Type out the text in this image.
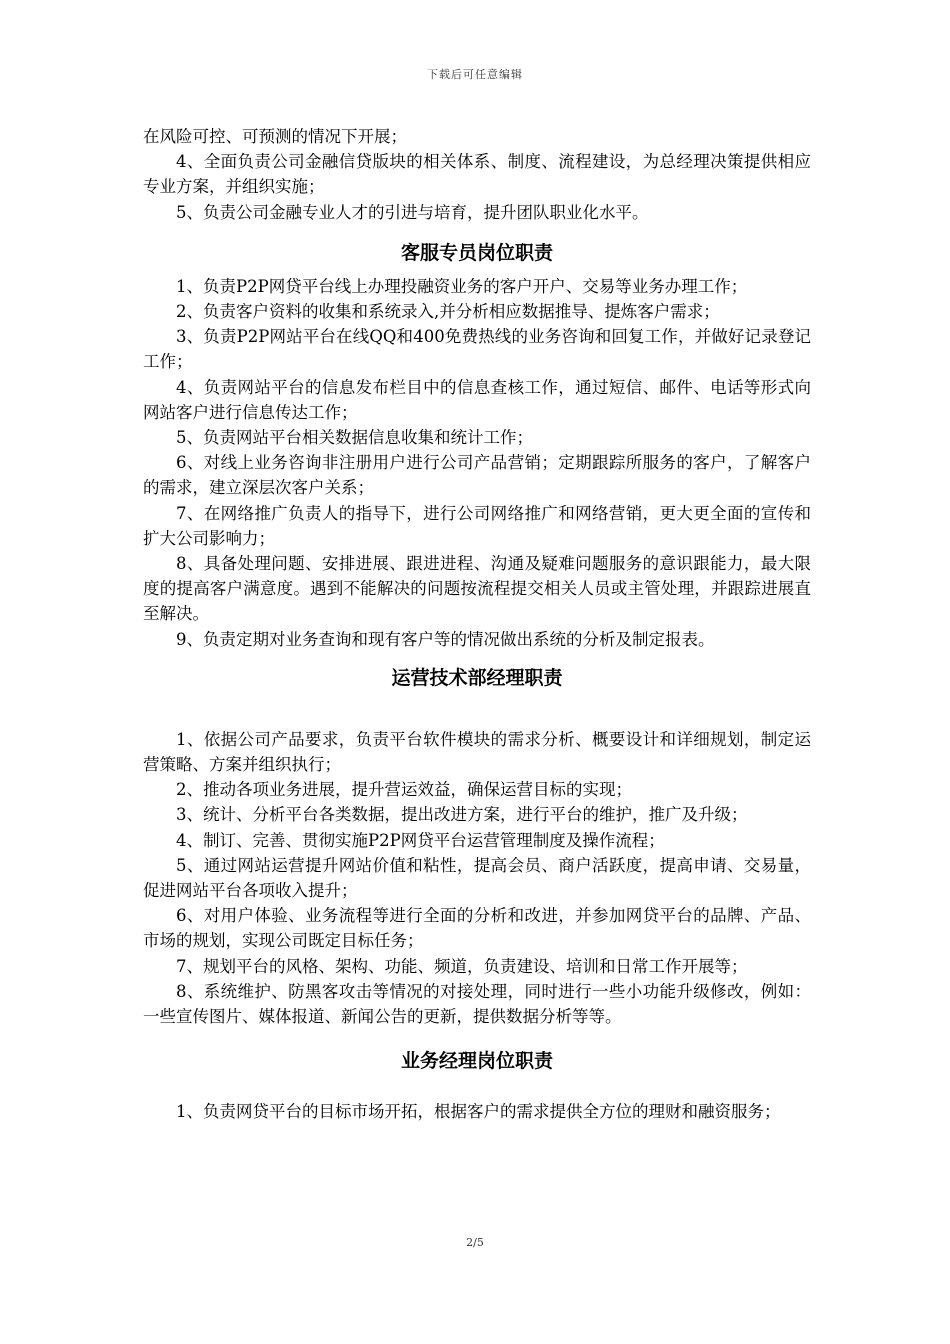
下载后可任意编辑

在风险可控、可预测的情况下开展；

4、全面负责公司金融信贷版块的相关体系、制度、流程建设，为总经理决策提供相应专业方案，并组织实施；

5、负责公司金融专业人才的引进与培育，提升团队职业化水平。

客服专员岗位职责

1、负责P2P网贷平台线上办理投融资业务的客户开户、交易等业务办理工作；

2、负责客户资料的收集和系统录入,并分析相应数据推导、提炼客户需求；

3、负责P2P网站平台在线QQ和400免费热线的业务咨询和回复工作，并做好记录登记工作；

4、负责网站平台的信息发布栏目中的信息查核工作，通过短信、邮件、电话等形式向网站客户进行信息传达工作；

5、负责网站平台相关数据信息收集和统计工作；

6、对线上业务咨询非注册用户进行公司产品营销；定期跟踪所服务的客户，了解客户的需求，建立深层次客户关系；

7、在网络推广负责人的指导下，进行公司网络推广和网络营销，更大更全面的宣传和扩大公司影响力；

8、具备处理问题、安排进展、跟进进程、沟通及疑难问题服务的意识跟能力，最大限度的提高客户满意度。遇到不能解决的问题按流程提交相关人员或主管处理，并跟踪进展直至解决。

9、负责定期对业务查询和现有客户等的情况做出系统的分析及制定报表。

运营技术部经理职责

1、依据公司产品要求，负责平台软件模块的需求分析、概要设计和详细规划，制定运营策略、方案并组织执行；

2、推动各项业务进展，提升营运效益，确保运营目标的实现；

3、统计、分析平台各类数据，提出改进方案，进行平台的维护，推广及升级；

4、制订、完善、贯彻实施P2P网贷平台运营管理制度及操作流程；

5、通过网站运营提升网站价值和粘性，提高会员、商户活跃度，提高申请、交易量，促进网站平台各项收入提升；

6、对用户体验、业务流程等进行全面的分析和改进，并参加网贷平台的品牌、产品、市场的规划，实现公司既定目标任务；

7、规划平台的风格、架构、功能、频道，负责建设、培训和日常工作开展等；

8、系统维护、防黑客攻击等情况的对接处理，同时进行一些小功能升级修改，例如：一些宣传图片、媒体报道、新闻公告的更新，提供数据分析等等。

业务经理岗位职责

1、负责网贷平台的目标市场开拓，根据客户的需求提供全方位的理财和融资服务；

2/5
